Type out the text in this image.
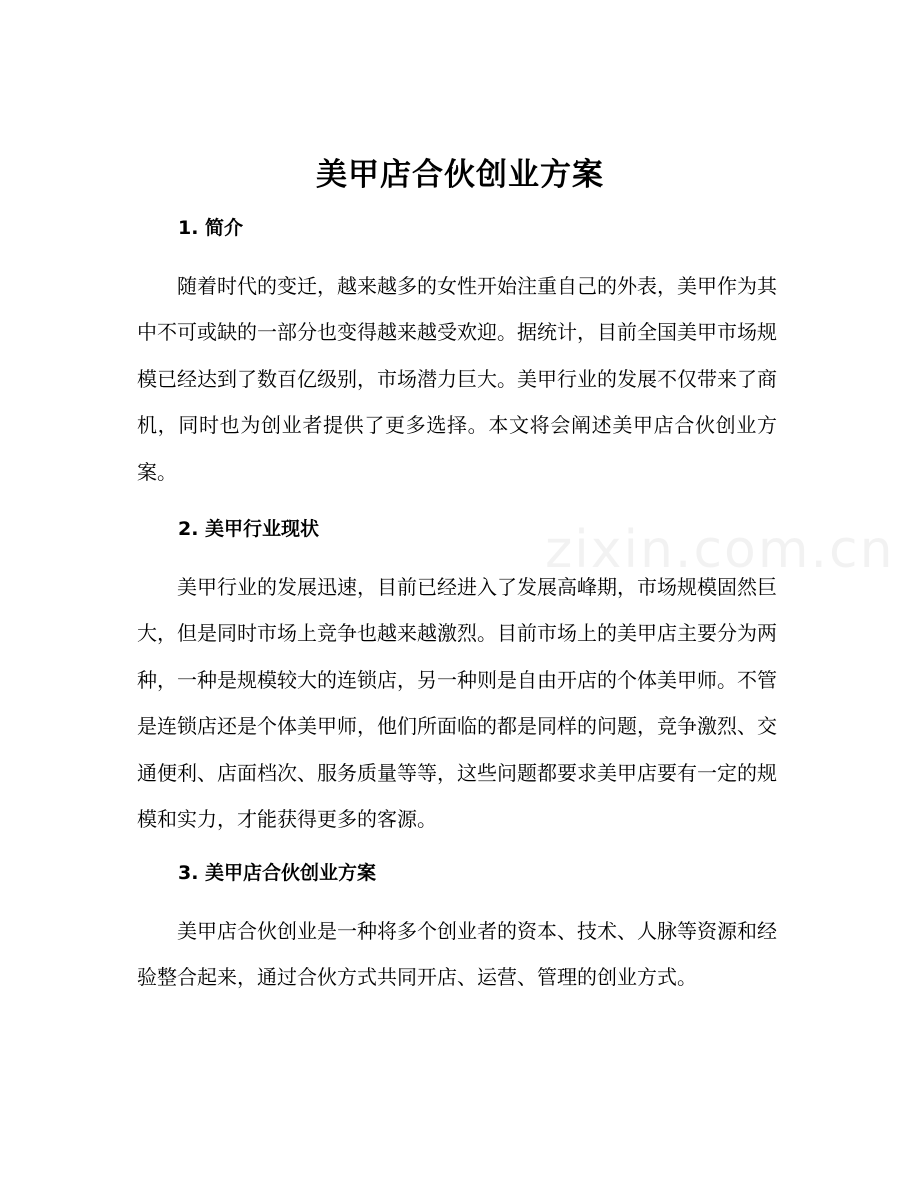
zixin.com.cn
美甲店合伙创业方案
1. 简介

随着时代的变迁，越来越多的女性开始注重自己的外表，美甲作为其中不可或缺的一部分也变得越来越受欢迎。据统计，目前全国美甲市场规模已经达到了数百亿级别，市场潜力巨大。美甲行业的发展不仅带来了商机，同时也为创业者提供了更多选择。本文将会阐述美甲店合伙创业方案。

2. 美甲行业现状

美甲行业的发展迅速，目前已经进入了发展高峰期，市场规模固然巨大，但是同时市场上竞争也越来越激烈。目前市场上的美甲店主要分为两种，一种是规模较大的连锁店，另一种则是自由开店的个体美甲师。不管是连锁店还是个体美甲师，他们所面临的都是同样的问题，竞争激烈、交通便利、店面档次、服务质量等等，这些问题都要求美甲店要有一定的规模和实力，才能获得更多的客源。

3. 美甲店合伙创业方案

美甲店合伙创业是一种将多个创业者的资本、技术、人脉等资源和经验整合起来，通过合伙方式共同开店、运营、管理的创业方式。
